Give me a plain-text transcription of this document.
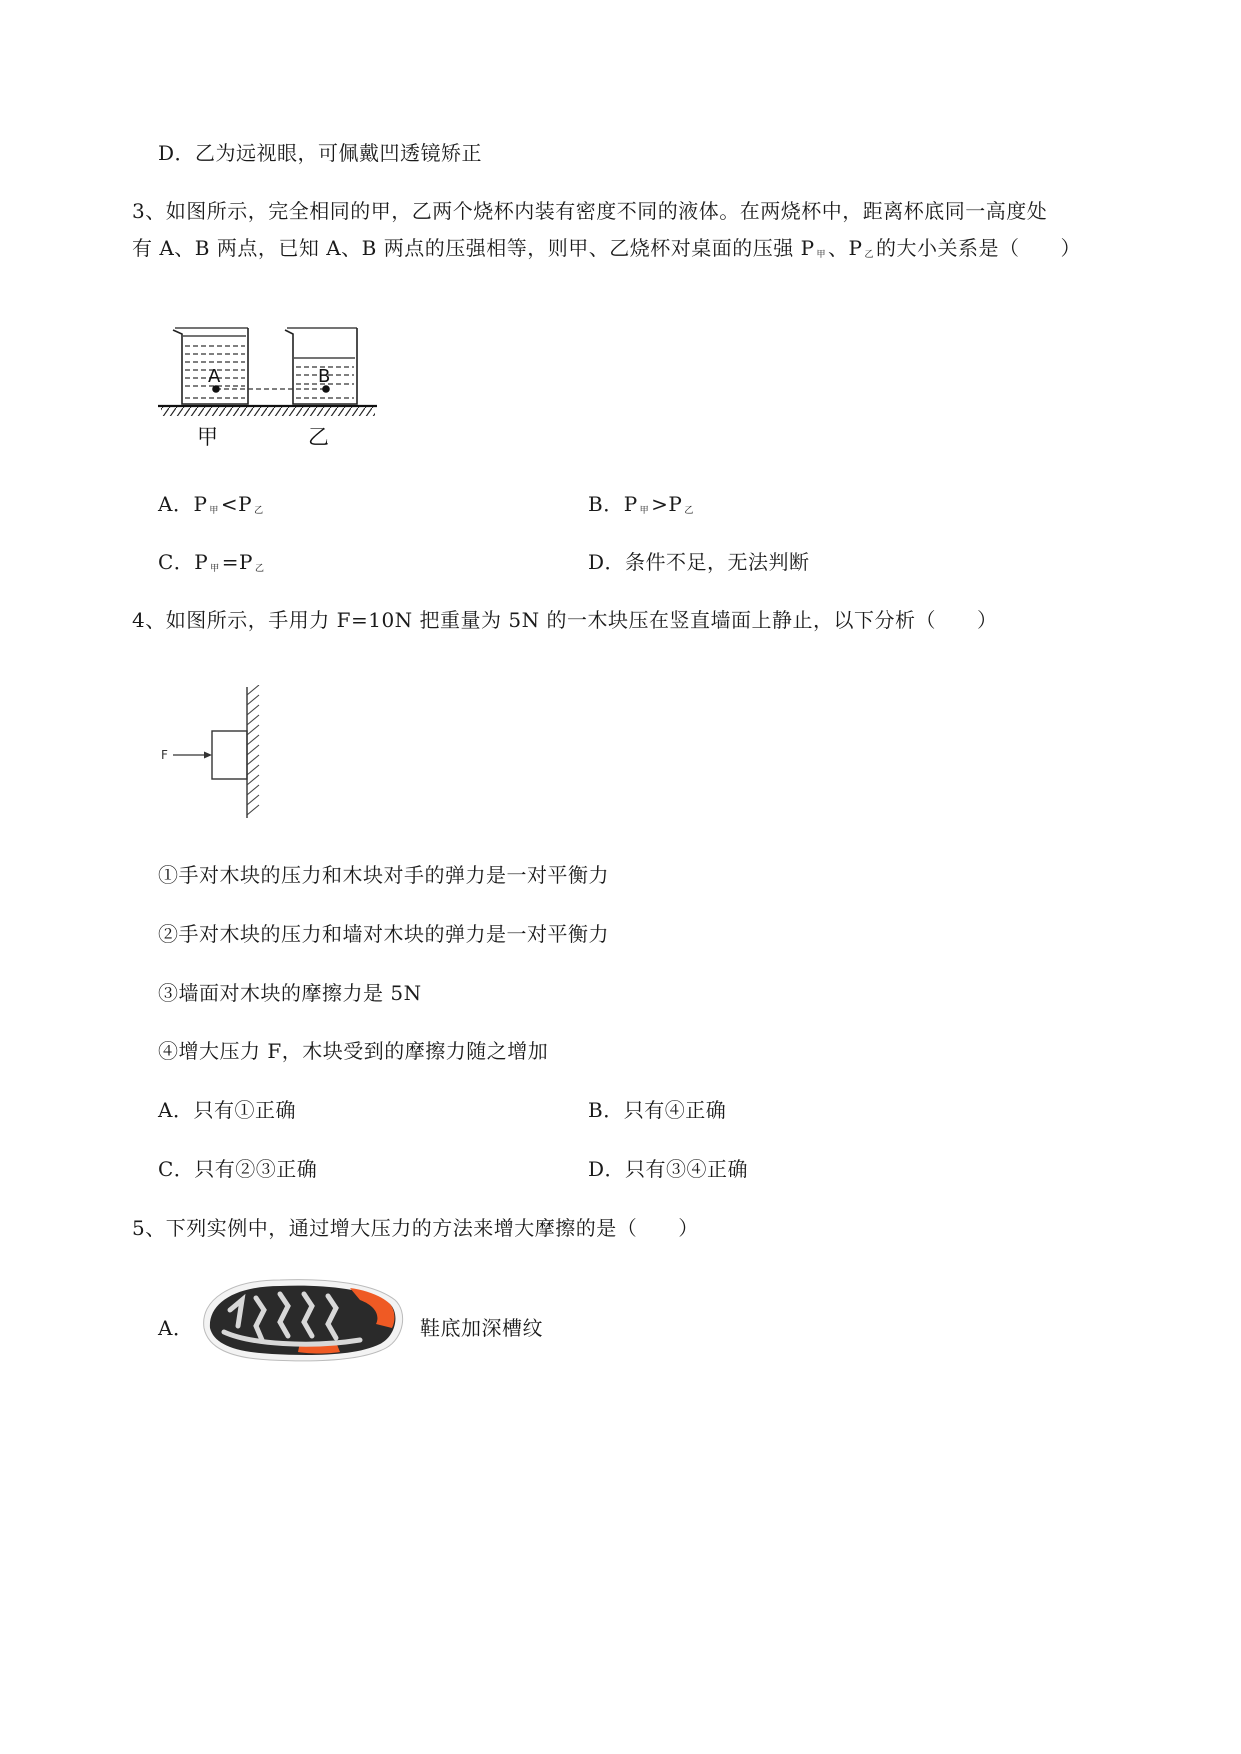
D．乙为远视眼，可佩戴凹透镜矫正
3、如图所示，完全相同的甲，乙两个烧杯内装有密度不同的液体。在两烧杯中，距离杯底同一高度处
有 A、B 两点，已知 A、B 两点的压强相等，则甲、乙烧杯对桌面的压强 P $_甲$ 、P $_乙$ 的大小关系是（　　）
A	B
甲	乙
A．P $_甲$ <P $_乙$	B．P $_甲$ >P $_乙$
C．P $_甲$ =P $_乙$	D．条件不足，无法判断
4、如图所示，手用力 F=10N 把重量为 5N 的一木块压在竖直墙面上静止，以下分析（　　）
F
①手对木块的压力和木块对手的弹力是一对平衡力
②手对木块的压力和墙对木块的弹力是一对平衡力
③墙面对木块的摩擦力是 5N
④增大压力 F，木块受到的摩擦力随之增加
A．只有①正确	B．只有④正确
C．只有②③正确	D．只有③④正确
5、下列实例中，通过增大压力的方法来增大摩擦的是（　　）
A．	鞋底加深槽纹
